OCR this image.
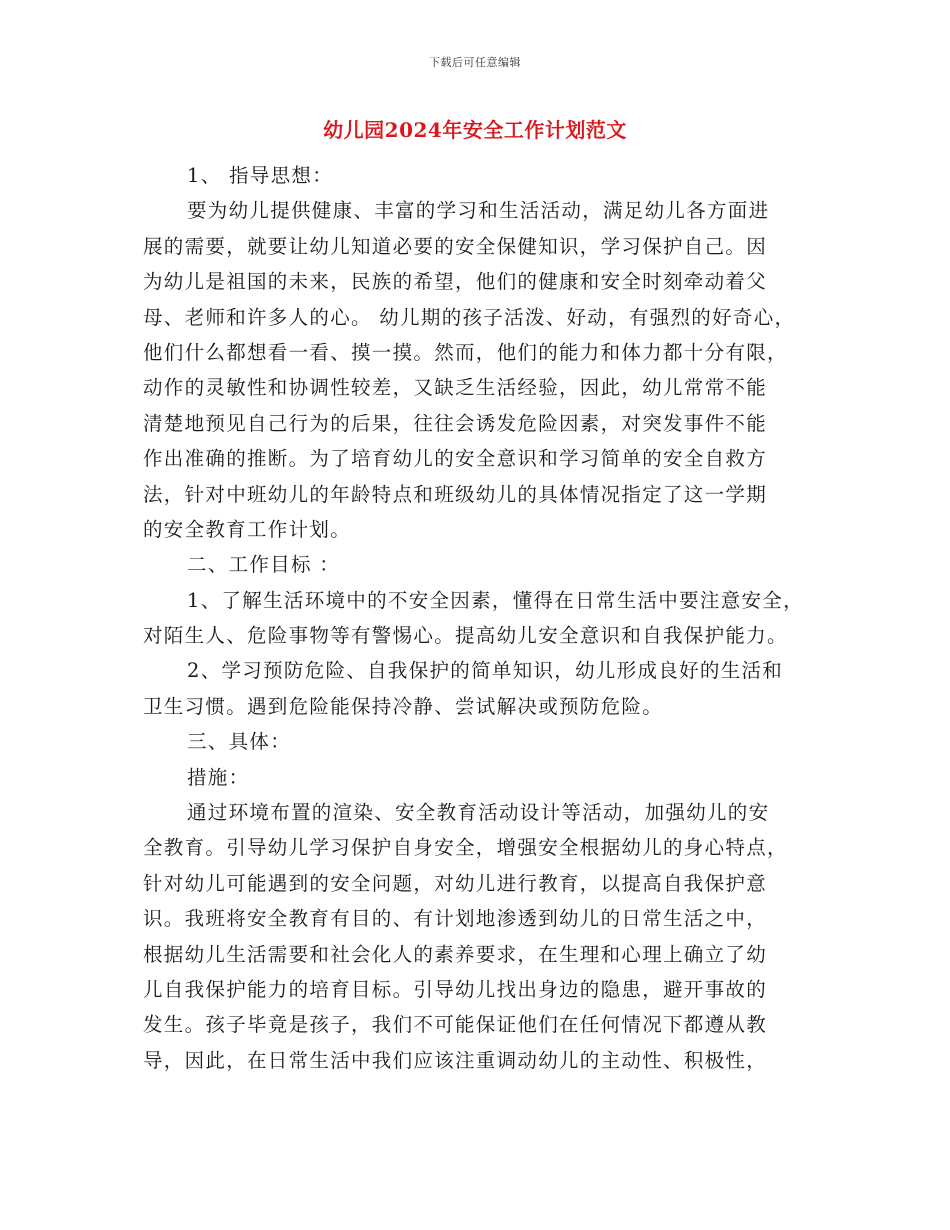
下载后可任意编辑
幼儿园2024年安全工作计划范文
1、 指导思想：
要为幼儿提供健康、丰富的学习和生活活动，满足幼儿各方面进
展的需要，就要让幼儿知道必要的安全保健知识，学习保护自己。因
为幼儿是祖国的未来，民族的希望，他们的健康和安全时刻牵动着父
母、老师和许多人的心。 幼儿期的孩子活泼、好动，有强烈的好奇心，
他们什么都想看一看、摸一摸。然而，他们的能力和体力都十分有限，
动作的灵敏性和协调性较差，又缺乏生活经验，因此，幼儿常常不能
清楚地预见自己行为的后果，往往会诱发危险因素，对突发事件不能
作出准确的推断。为了培育幼儿的安全意识和学习简单的安全自救方
法，针对中班幼儿的年龄特点和班级幼儿的具体情况指定了这一学期
的安全教育工作计划。
二、工作目标 ：
1、了解生活环境中的不安全因素，懂得在日常生活中要注意安全，
对陌生人、危险事物等有警惕心。提高幼儿安全意识和自我保护能力。
2、学习预防危险、自我保护的简单知识，幼儿形成良好的生活和
卫生习惯。遇到危险能保持冷静、尝试解决或预防危险。
三、具体：
措施：
通过环境布置的渲染、安全教育活动设计等活动，加强幼儿的安
全教育。引导幼儿学习保护自身安全，增强安全根据幼儿的身心特点，
针对幼儿可能遇到的安全问题，对幼儿进行教育，以提高自我保护意
识。我班将安全教育有目的、有计划地渗透到幼儿的日常生活之中，
根据幼儿生活需要和社会化人的素养要求，在生理和心理上确立了幼
儿自我保护能力的培育目标。引导幼儿找出身边的隐患，避开事故的
发生。孩子毕竟是孩子，我们不可能保证他们在任何情况下都遵从教
导，因此，在日常生活中我们应该注重调动幼儿的主动性、积极性，
